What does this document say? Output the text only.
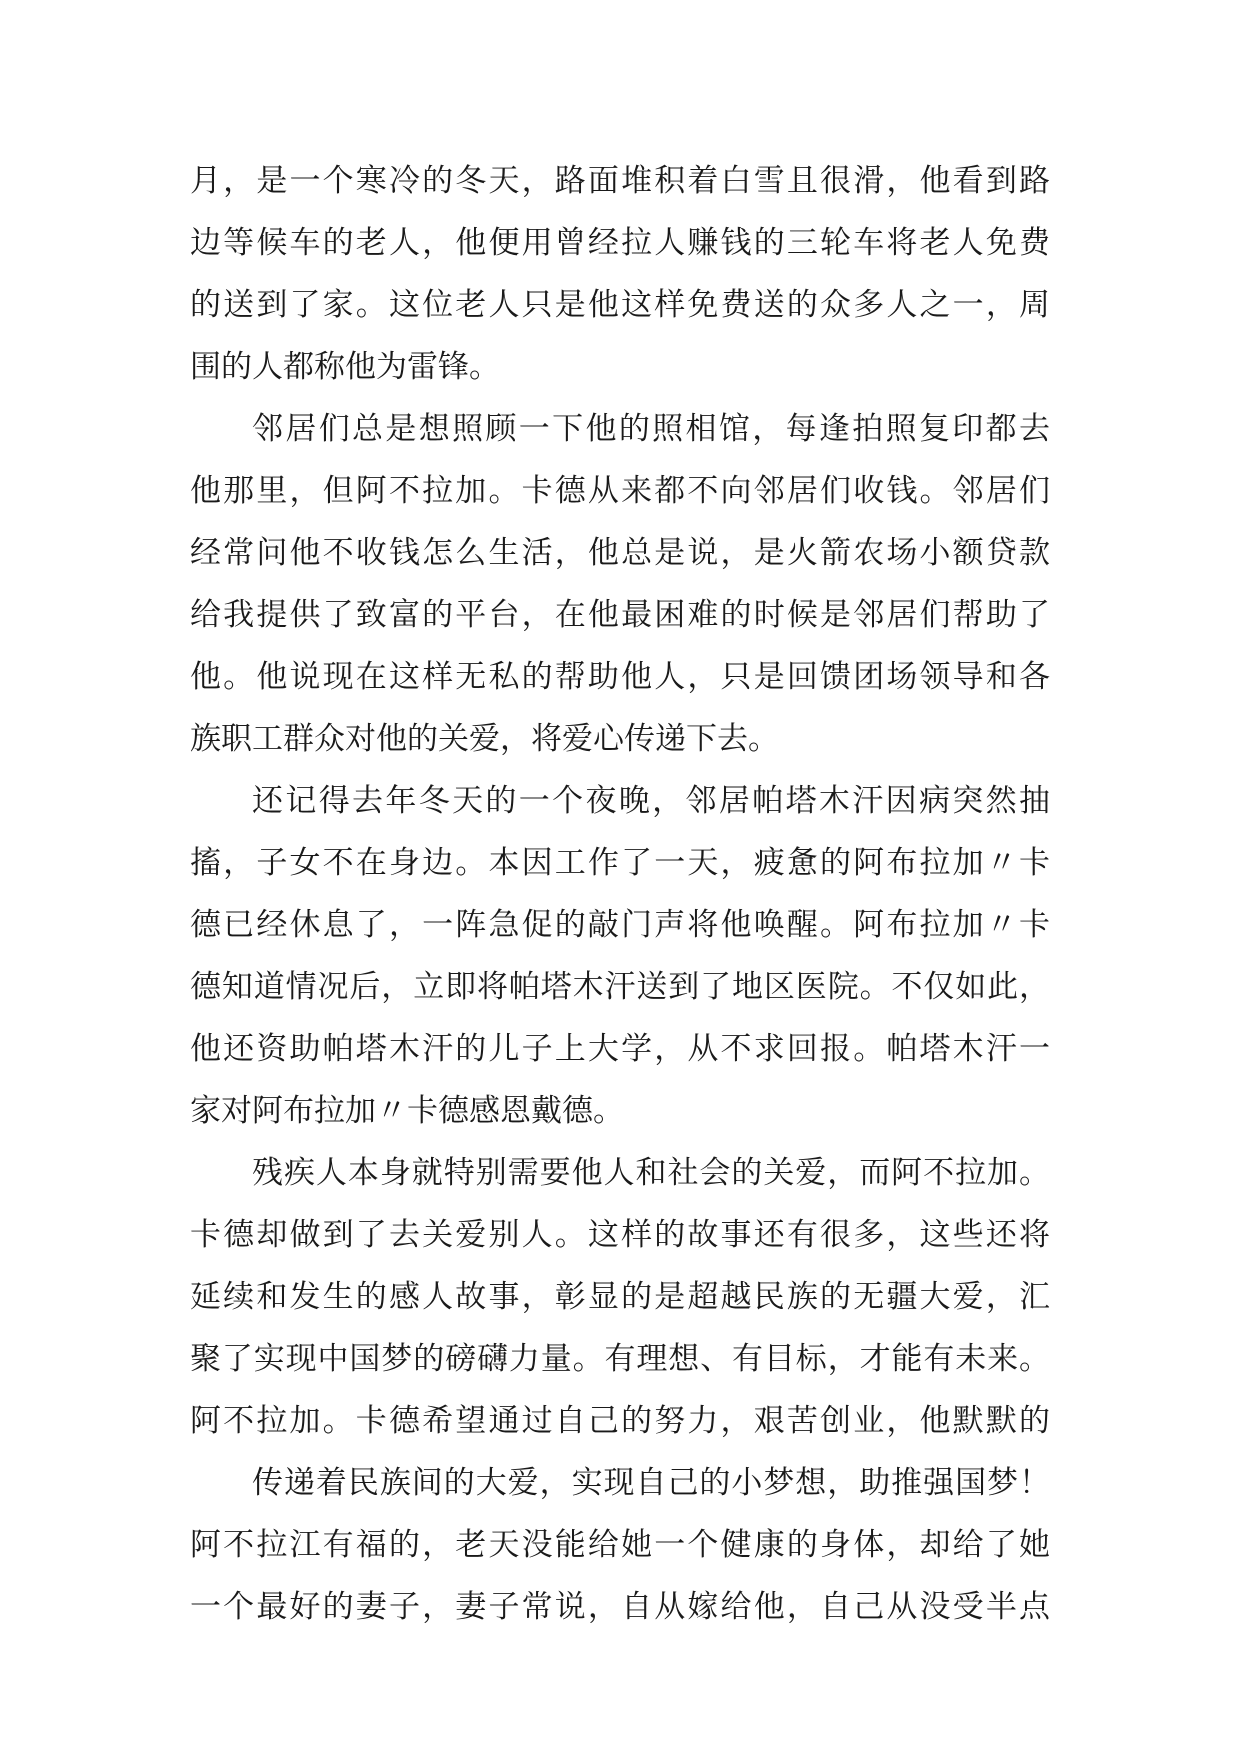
月，是一个寒冷的冬天，路面堆积着白雪且很滑，他看到路
边等候车的老人，他便用曾经拉人赚钱的三轮车将老人免费
的送到了家。这位老人只是他这样免费送的众多人之一，周
围的人都称他为雷锋。
邻居们总是想照顾一下他的照相馆，每逢拍照复印都去
他那里，但阿不拉加。卡德从来都不向邻居们收钱。邻居们
经常问他不收钱怎么生活，他总是说，是火箭农场小额贷款
给我提供了致富的平台，在他最困难的时候是邻居们帮助了
他。他说现在这样无私的帮助他人，只是回馈团场领导和各
族职工群众对他的关爱，将爱心传递下去。
还记得去年冬天的一个夜晚，邻居帕塔木汗因病突然抽
搐，子女不在身边。本因工作了一天，疲惫的阿布拉加〃卡
德已经休息了，一阵急促的敲门声将他唤醒。阿布拉加〃卡
德知道情况后，立即将帕塔木汗送到了地区医院。不仅如此，
他还资助帕塔木汗的儿子上大学，从不求回报。帕塔木汗一
家对阿布拉加〃卡德感恩戴德。
残疾人本身就特别需要他人和社会的关爱，而阿不拉加。
卡德却做到了去关爱别人。这样的故事还有很多，这些还将
延续和发生的感人故事，彰显的是超越民族的无疆大爱，汇
聚了实现中国梦的磅礴力量。有理想、有目标，才能有未来。
阿不拉加。卡德希望通过自己的努力，艰苦创业，他默默的
传递着民族间的大爱，实现自己的小梦想，助推强国梦！
阿不拉江有福的，老天没能给她一个健康的身体，却给了她
一个最好的妻子，妻子常说，自从嫁给他，自己从没受半点
